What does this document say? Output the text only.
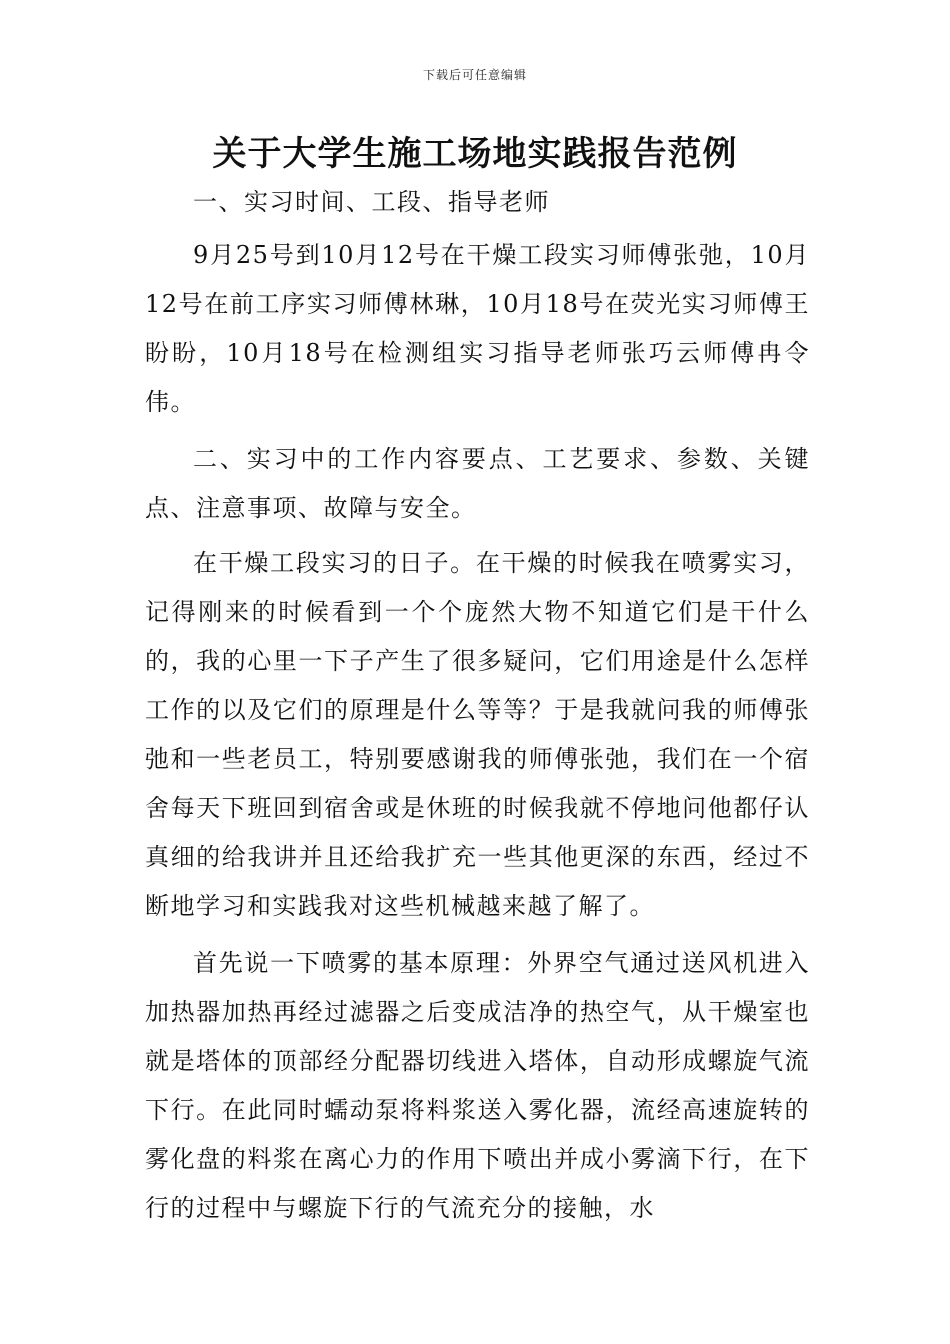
下载后可任意编辑
关于大学生施工场地实践报告范例

一、实习时间、工段、指导老师

9月25号到10月12号在干燥工段实习师傅张弛，10月12号在前工序实习师傅林琳，10月18号在荧光实习师傅王盼盼，10月18号在检测组实习指导老师张巧云师傅冉令伟。

二、实习中的工作内容要点、工艺要求、参数、关键点、注意事项、故障与安全。

在干燥工段实习的日子。在干燥的时候我在喷雾实习，记得刚来的时候看到一个个庞然大物不知道它们是干什么的，我的心里一下子产生了很多疑问，它们用途是什么怎样工作的以及它们的原理是什么等等？于是我就问我的师傅张弛和一些老员工，特别要感谢我的师傅张弛，我们在一个宿舍每天下班回到宿舍或是休班的时候我就不停地问他都仔认真细的给我讲并且还给我扩充一些其他更深的东西，经过不断地学习和实践我对这些机械越来越了解了。

首先说一下喷雾的基本原理：外界空气通过送风机进入加热器加热再经过滤器之后变成洁净的热空气，从干燥室也就是塔体的顶部经分配器切线进入塔体，自动形成螺旋气流下行。在此同时蠕动泵将料浆送入雾化器，流经高速旋转的雾化盘的料浆在离心力的作用下喷出并成小雾滴下行，在下行的过程中与螺旋下行的气流充分的接触，水
